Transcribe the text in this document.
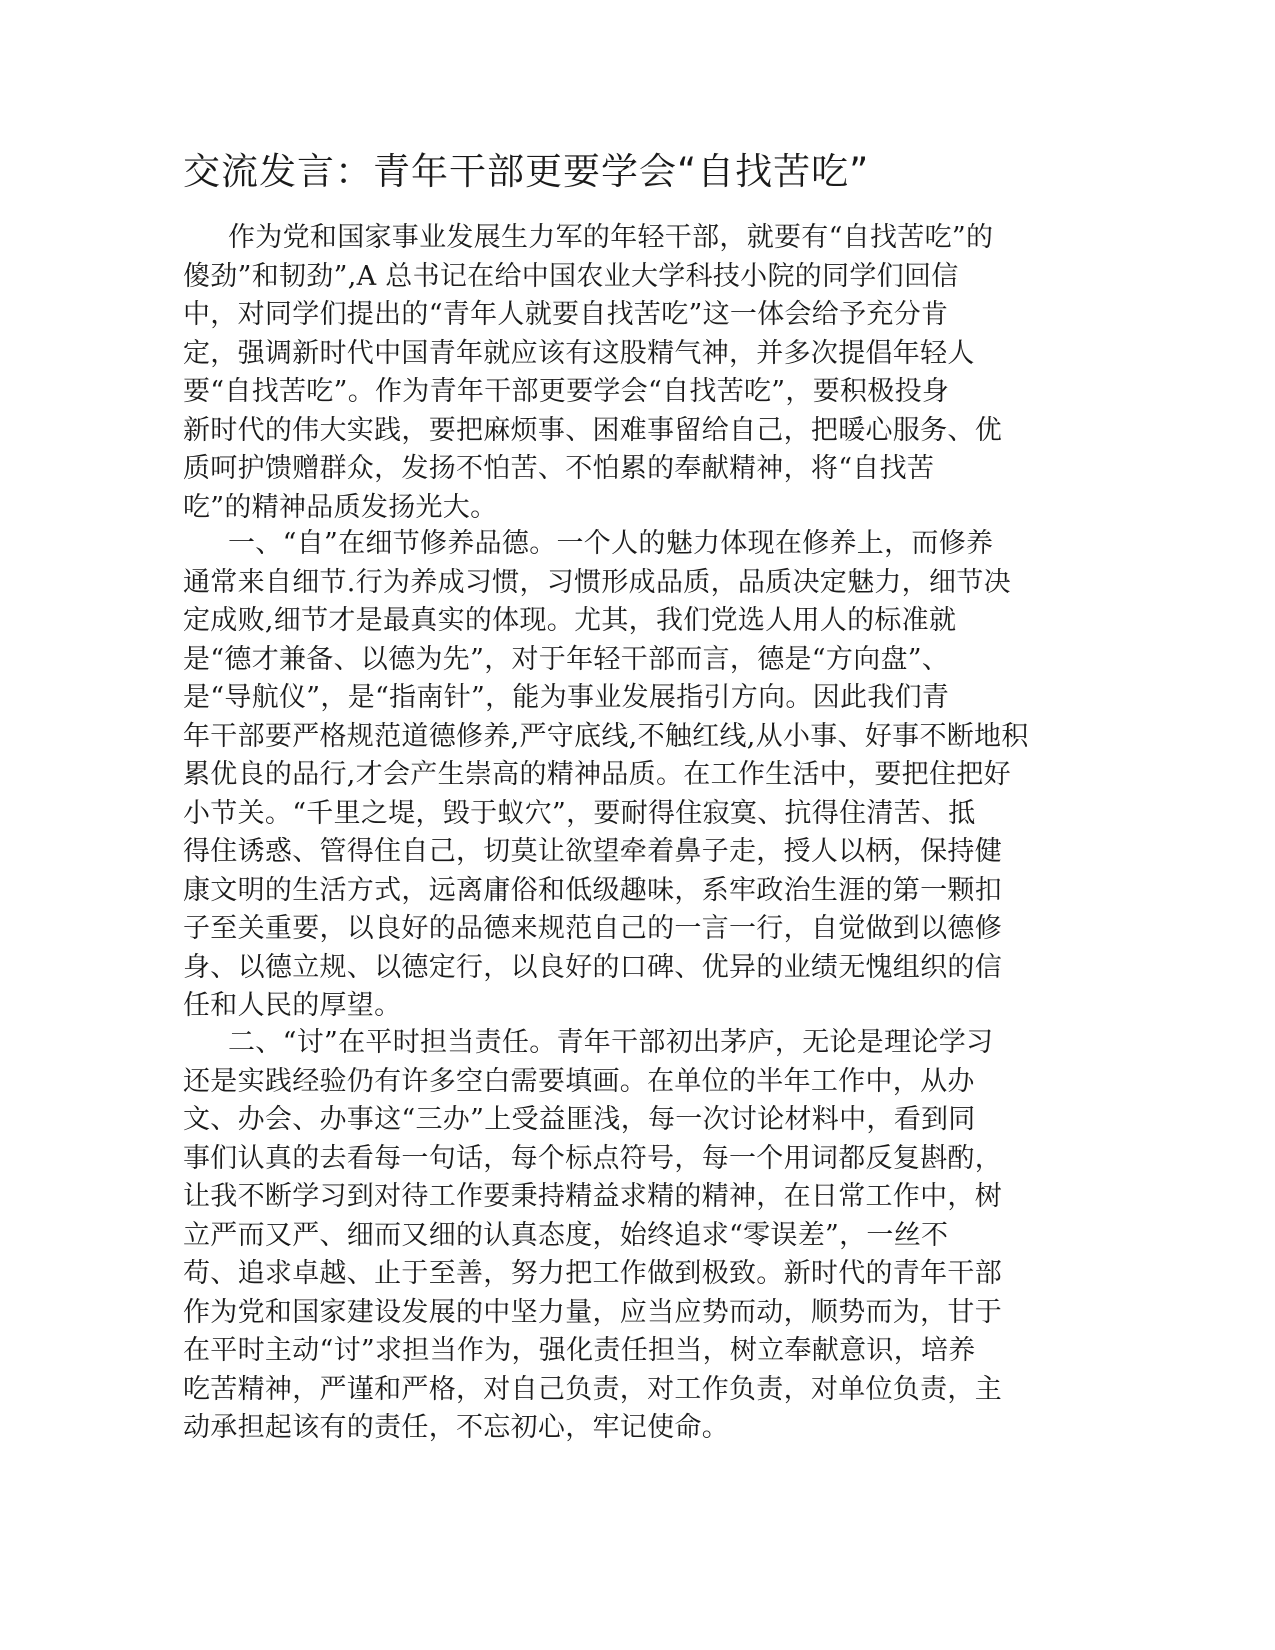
交流发言：青年干部更要学会“自找苦吃”
作为党和国家事业发展生力军的年轻干部，就要有“自找苦吃”的
傻劲”和韧劲”,A 总书记在给中国农业大学科技小院的同学们回信
中，对同学们提出的“青年人就要自找苦吃”这一体会给予充分肯
定，强调新时代中国青年就应该有这股精气神，并多次提倡年轻人
要“自找苦吃”。作为青年干部更要学会“自找苦吃”，要积极投身
新时代的伟大实践，要把麻烦事、困难事留给自己，把暖心服务、优
质呵护馈赠群众，发扬不怕苦、不怕累的奉献精神，将“自找苦
吃”的精神品质发扬光大。
一、“自”在细节修养品德。一个人的魅力体现在修养上，而修养
通常来自细节.行为养成习惯，习惯形成品质，品质决定魅力，细节决
定成败,细节才是最真实的体现。尤其，我们党选人用人的标准就
是“德才兼备、以德为先”，对于年轻干部而言，德是“方向盘”、
是“导航仪”，是“指南针”，能为事业发展指引方向。因此我们青
年干部要严格规范道德修养,严守底线,不触红线,从小事、好事不断地积
累优良的品行,才会产生崇高的精神品质。在工作生活中，要把住把好
小节关。“千里之堤，毁于蚁穴”，要耐得住寂寞、抗得住清苦、抵
得住诱惑、管得住自己，切莫让欲望牵着鼻子走，授人以柄，保持健
康文明的生活方式，远离庸俗和低级趣味，系牢政治生涯的第一颗扣
子至关重要，以良好的品德来规范自己的一言一行，自觉做到以德修
身、以德立规、以德定行，以良好的口碑、优异的业绩无愧组织的信
任和人民的厚望。
二、“讨”在平时担当责任。青年干部初出茅庐，无论是理论学习
还是实践经验仍有许多空白需要填画。在单位的半年工作中，从办
文、办会、办事这“三办”上受益匪浅，每一次讨论材料中，看到同
事们认真的去看每一句话，每个标点符号，每一个用词都反复斟酌，
让我不断学习到对待工作要秉持精益求精的精神，在日常工作中，树
立严而又严、细而又细的认真态度，始终追求“零误差”，一丝不
苟、追求卓越、止于至善，努力把工作做到极致。新时代的青年干部
作为党和国家建设发展的中坚力量，应当应势而动，顺势而为，甘于
在平时主动“讨”求担当作为，强化责任担当，树立奉献意识，培养
吃苦精神，严谨和严格，对自己负责，对工作负责，对单位负责，主
动承担起该有的责任，不忘初心，牢记使命。
